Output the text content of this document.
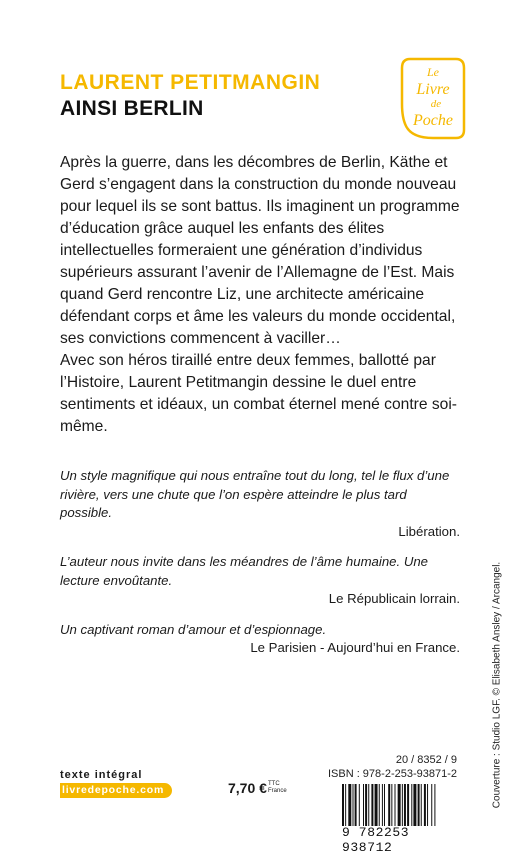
LAURENT PETITMANGIN
AINSI BERLIN
Le
Livre
de
Poche

Après la guerre, dans les décombres de Berlin, Käthe et Gerd s’engagent dans la construction du monde nouveau pour lequel ils se sont battus. Ils imaginent un programme d’éducation grâce auquel les enfants des élites intellectuelles formeraient une génération d’individus supérieurs assurant l’avenir de l’Allemagne de l’Est. Mais quand Gerd rencontre Liz, une architecte américaine défendant corps et âme les valeurs du monde occidental, ses convictions commencent à vaciller…

Avec son héros tiraillé entre deux femmes, ballotté par l’Histoire, Laurent Petitmangin dessine le duel entre sentiments et idéaux, un combat éternel mené contre soi-même.

Un style magnifique qui nous entraîne tout du long, tel le flux d’une rivière, vers une chute que l’on espère atteindre le plus tard possible.
Libération.
L’auteur nous invite dans les méandres de l’âme humaine. Une lecture envoûtante.
Le Républicain lorrain.
Un captivant roman d’amour et d’espionnage.
Le Parisien - Aujourd’hui en France.	Couverture : Studio LGF. © Elisabeth Ansley / Arcangel.
texte intégral
livredepoche.com	7,70 € TTC
France
20 / 8352 / 9
ISBN : 978-2-253-93871-2
9 782253 938712
